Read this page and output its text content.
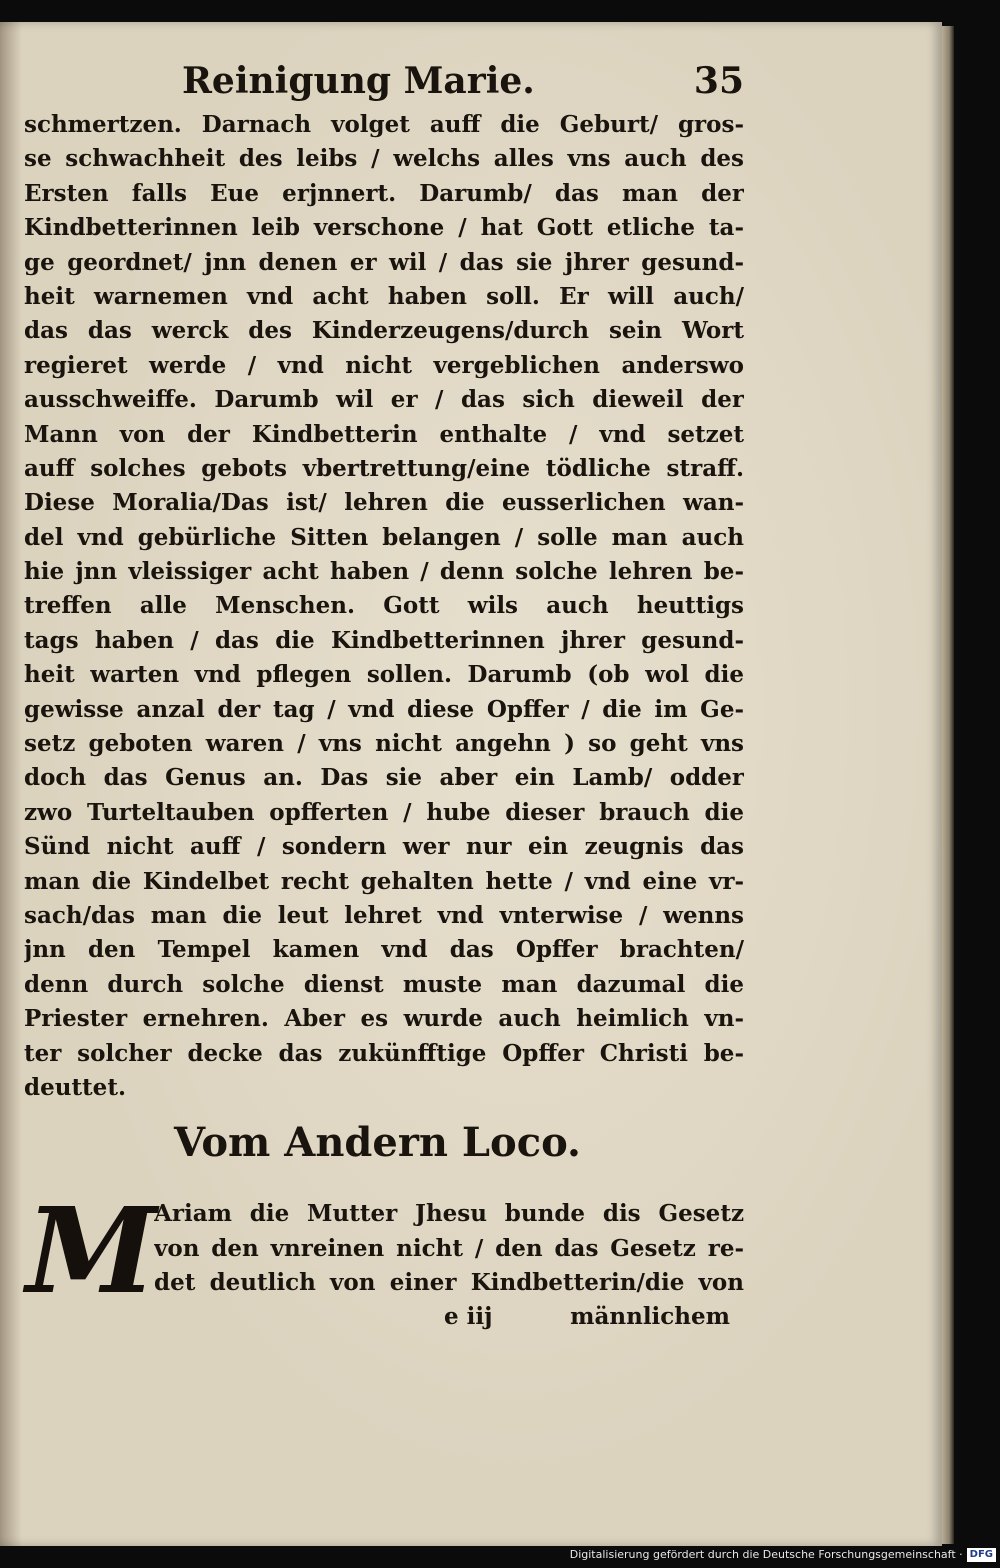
Reinigung Marie.	35
schmertzen. Darnach volget auff die Geburt/ gros-
se schwachheit des leibs / welchs alles vns auch des
Ersten falls Eue erjnnert. Darumb/ das man der
Kindbetterinnen leib verschone / hat Gott etliche ta-
ge geordnet/ jnn denen er wil / das sie jhrer gesund-
heit warnemen vnd acht haben soll. Er will auch/
das das werck des Kinderzeugens/durch sein Wort
regieret werde / vnd nicht vergeblichen anderswo
ausschweiffe. Darumb wil er / das sich dieweil der
Mann von der Kindbetterin enthalte / vnd setzet
auff solches gebots vbertrettung/eine tödliche straff.
Diese Moralia/Das ist/ lehren die eusserlichen wan-
del vnd gebürliche Sitten belangen / solle man auch
hie jnn vleissiger acht haben / denn solche lehren be-
treffen alle Menschen. Gott wils auch heuttigs
tags haben / das die Kindbetterinnen jhrer gesund-
heit warten vnd pflegen sollen. Darumb (ob wol die
gewisse anzal der tag / vnd diese Opffer / die im Ge-
setz geboten waren / vns nicht angehn ) so geht vns
doch das Genus an. Das sie aber ein Lamb/ odder
zwo Turteltauben opfferten / hube dieser brauch die
Sünd nicht auff / sondern wer nur ein zeugnis das
man die Kindelbet recht gehalten hette / vnd eine vr-
sach/das man die leut lehret vnd vnterwise / wenns
jnn den Tempel kamen vnd das Opffer brachten/
denn durch solche dienst muste man dazumal die
Priester ernehren. Aber es wurde auch heimlich vn-
ter solcher decke das zukünfftige Opffer Christi be-
deuttet.
Vom Andern Loco.
M
Ariam die Mutter Jhesu bunde dis Gesetz
von den vnreinen nicht / den das Gesetz re-
det deutlich von einer Kindbetterin/die von
e iij	männlichem
Digitalisierung gefördert durch die Deutsche Forschungsgemeinschaft · DFG
